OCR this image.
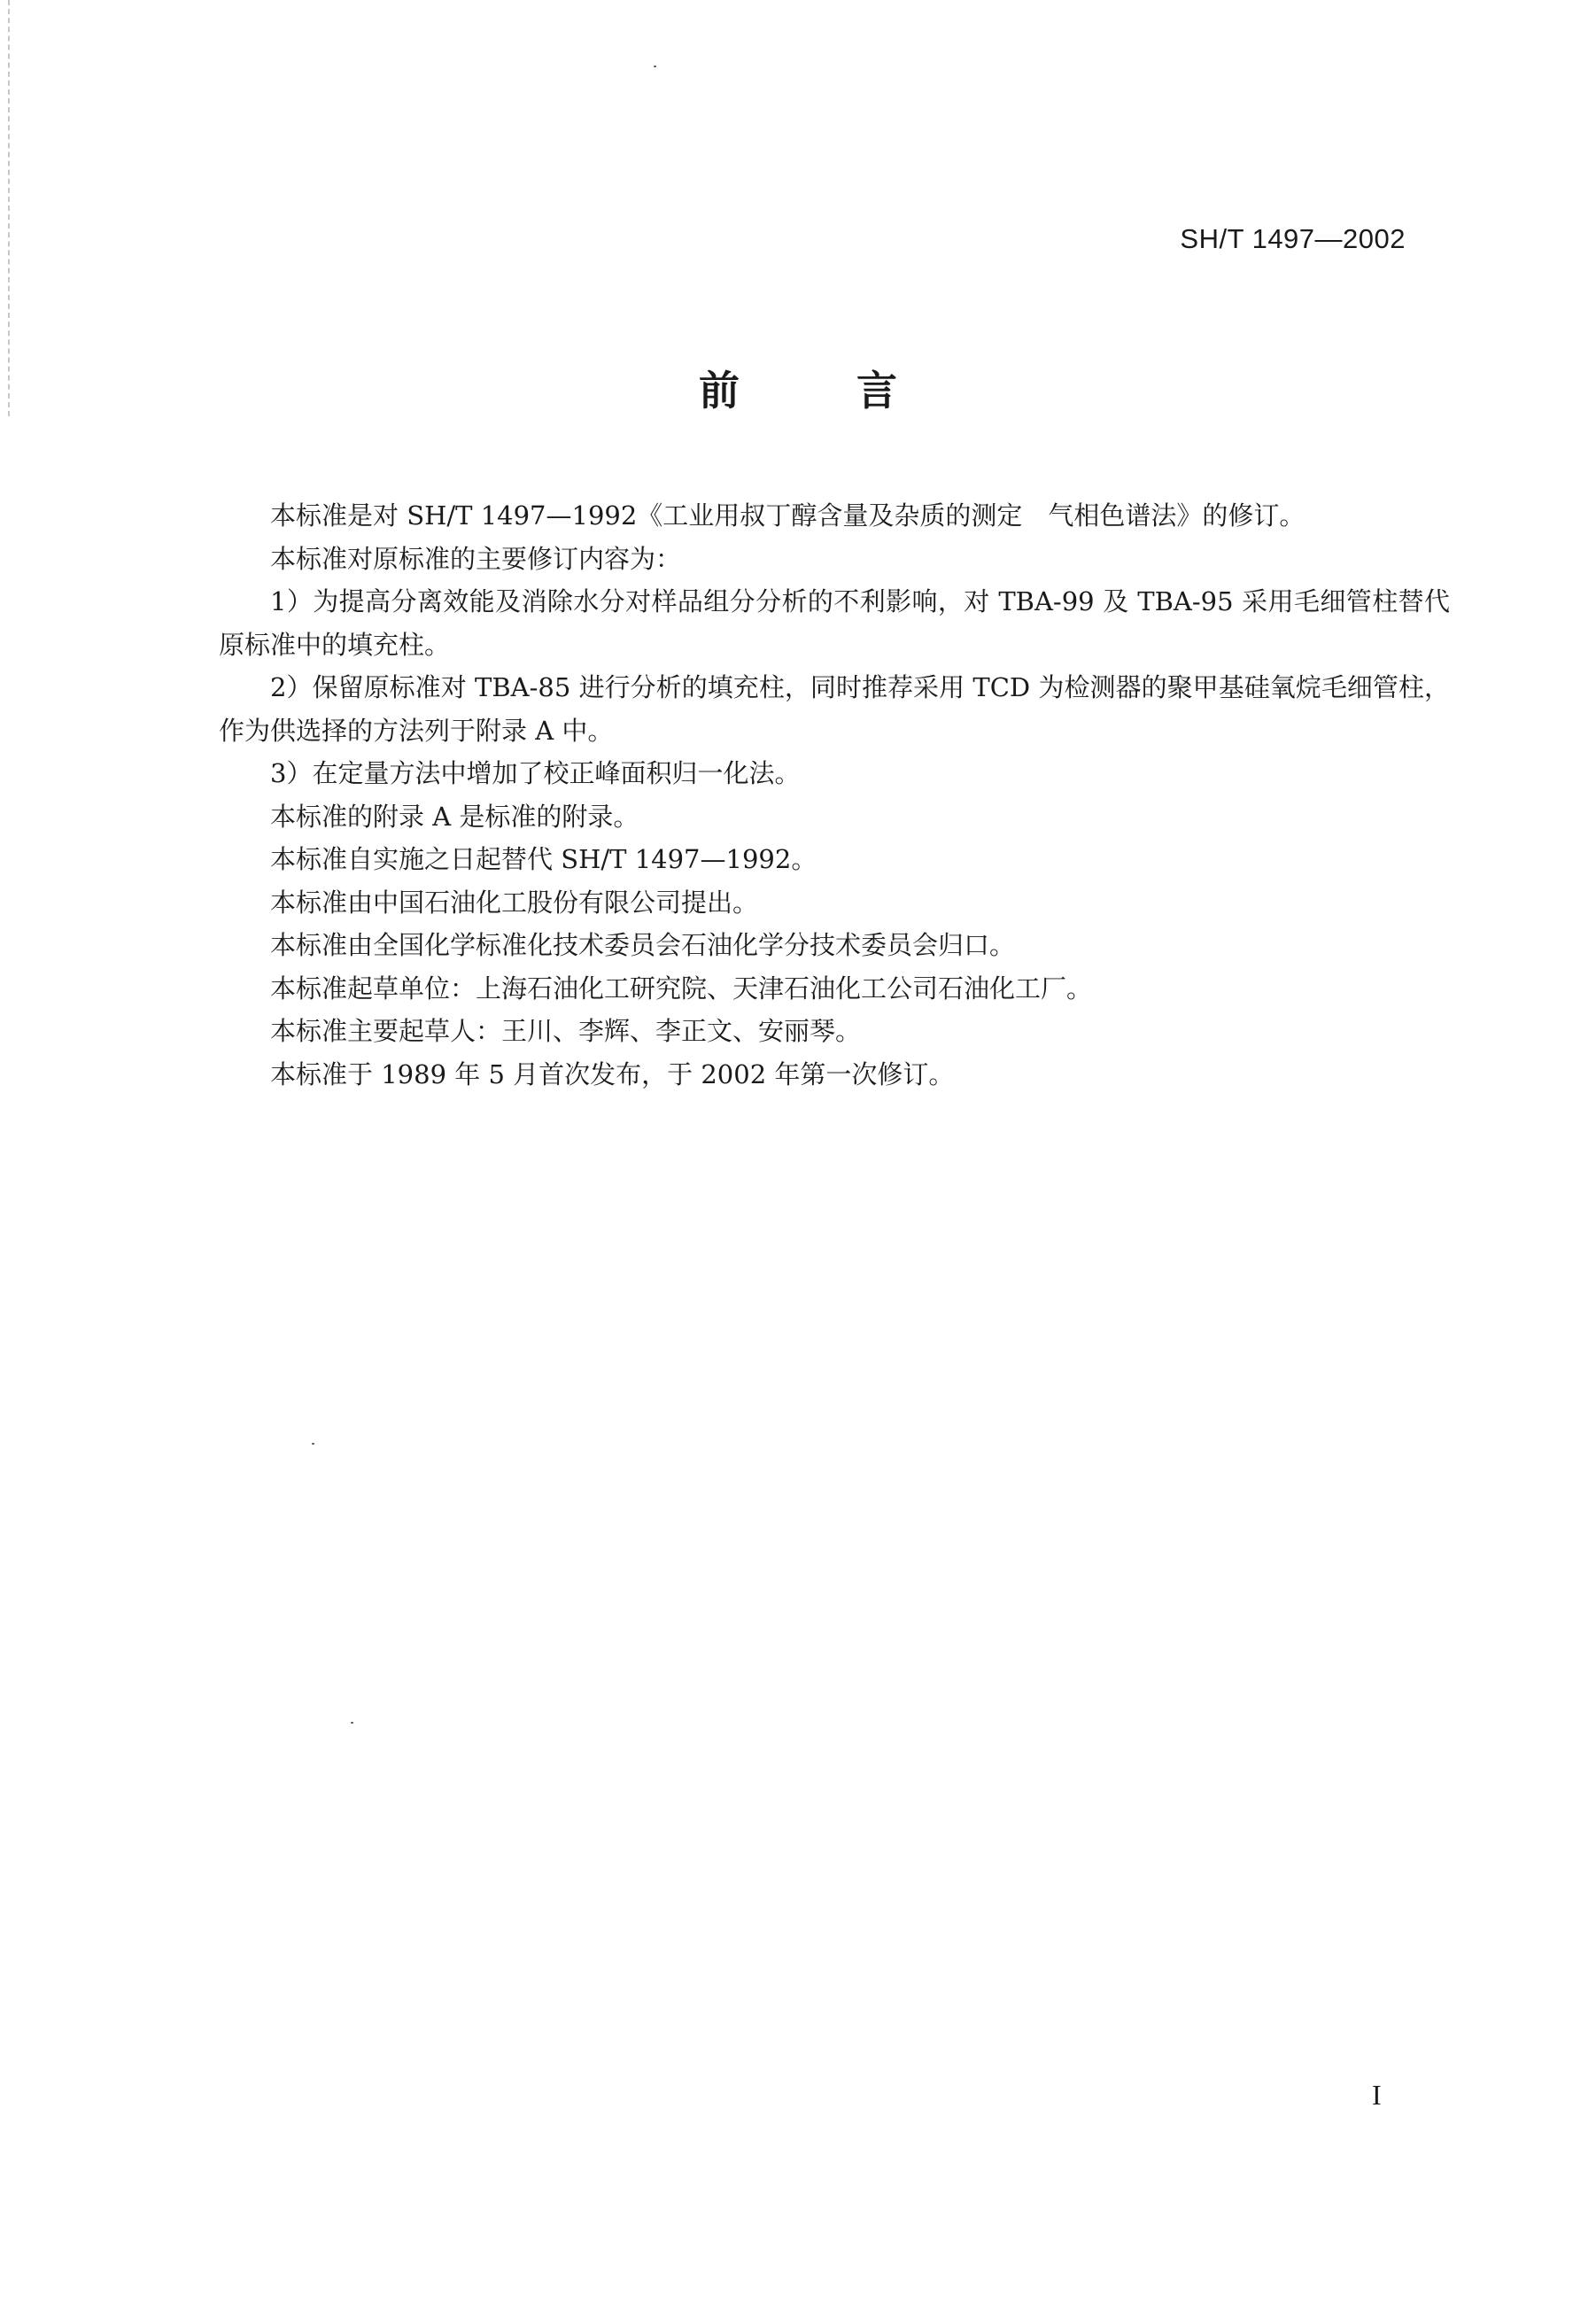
SH/T 1497—2002
前 言

本标准是对 SH/T 1497—1992《工业用叔丁醇含量及杂质的测定　气相色谱法》的修订。

本标准对原标准的主要修订内容为：

1）为提高分离效能及消除水分对样品组分分析的不利影响，对 TBA-99 及 TBA-95 采用毛细管柱替代原标准中的填充柱。

2）保留原标准对 TBA-85 进行分析的填充柱，同时推荐采用 TCD 为检测器的聚甲基硅氧烷毛细管柱，作为供选择的方法列于附录 A 中。

3）在定量方法中增加了校正峰面积归一化法。

本标准的附录 A 是标准的附录。

本标准自实施之日起替代 SH/T 1497—1992。

本标准由中国石油化工股份有限公司提出。

本标准由全国化学标准化技术委员会石油化学分技术委员会归口。

本标准起草单位：上海石油化工研究院、天津石油化工公司石油化工厂。

本标准主要起草人：王川、李辉、李正文、安丽琴。

本标准于 1989 年 5 月首次发布，于 2002 年第一次修订。

I
